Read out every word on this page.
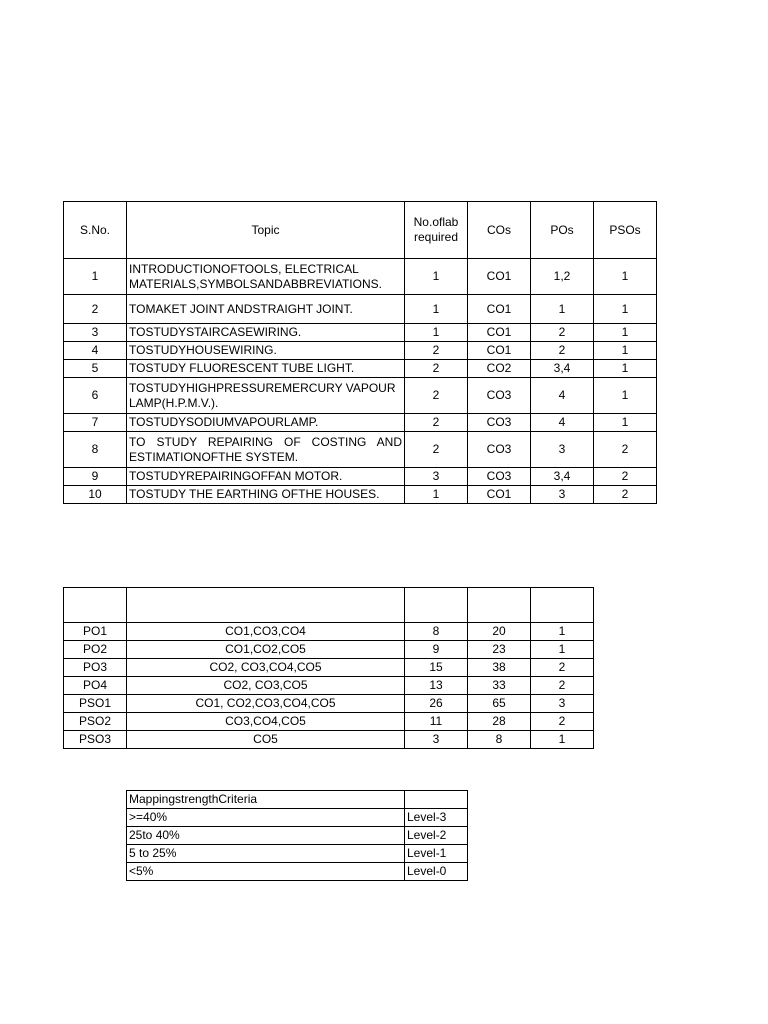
S.No.	Topic	No.oflab required	COs	POs	PSOs
1	INTRODUCTIONOFTOOLS, ELECTRICAL MATERIALS,SYMBOLSANDABBREVIATIONS.	1	CO1	1,2	1
2	TOMAKET JOINT ANDSTRAIGHT JOINT.	1	CO1	1	1
3	TOSTUDYSTAIRCASEWIRING.	1	CO1	2	1
4	TOSTUDYHOUSEWIRING.	2	CO1	2	1
5	TOSTUDY FLUORESCENT TUBE LIGHT.	2	CO2	3,4	1
6	TOSTUDYHIGHPRESSUREMERCURY VAPOUR LAMP(H.P.M.V.).	2	CO3	4	1
7	TOSTUDYSODIUMVAPOURLAMP.	2	CO3	4	1
8	TO STUDY REPAIRING OF COSTING AND ESTIMATIONOFTHE SYSTEM.	2	CO3	3	2
9	TOSTUDYREPAIRINGOFFAN MOTOR.	3	CO3	3,4	2
10	TOSTUDY THE EARTHING OFTHE HOUSES.	1	CO1	3	2

PO1	CO1,CO3,CO4	8	20	1
PO2	CO1,CO2,CO5	9	23	1
PO3	CO2, CO3,CO4,CO5	15	38	2
PO4	CO2, CO3,CO5	13	33	2
PSO1	CO1, CO2,CO3,CO4,CO5	26	65	3
PSO2	CO3,CO4,CO5	11	28	2
PSO3	CO5	3	8	1
MappingstrengthCriteria	
>=40%	Level-3
25to 40%	Level-2
5 to 25%	Level-1
<5%	Level-0
